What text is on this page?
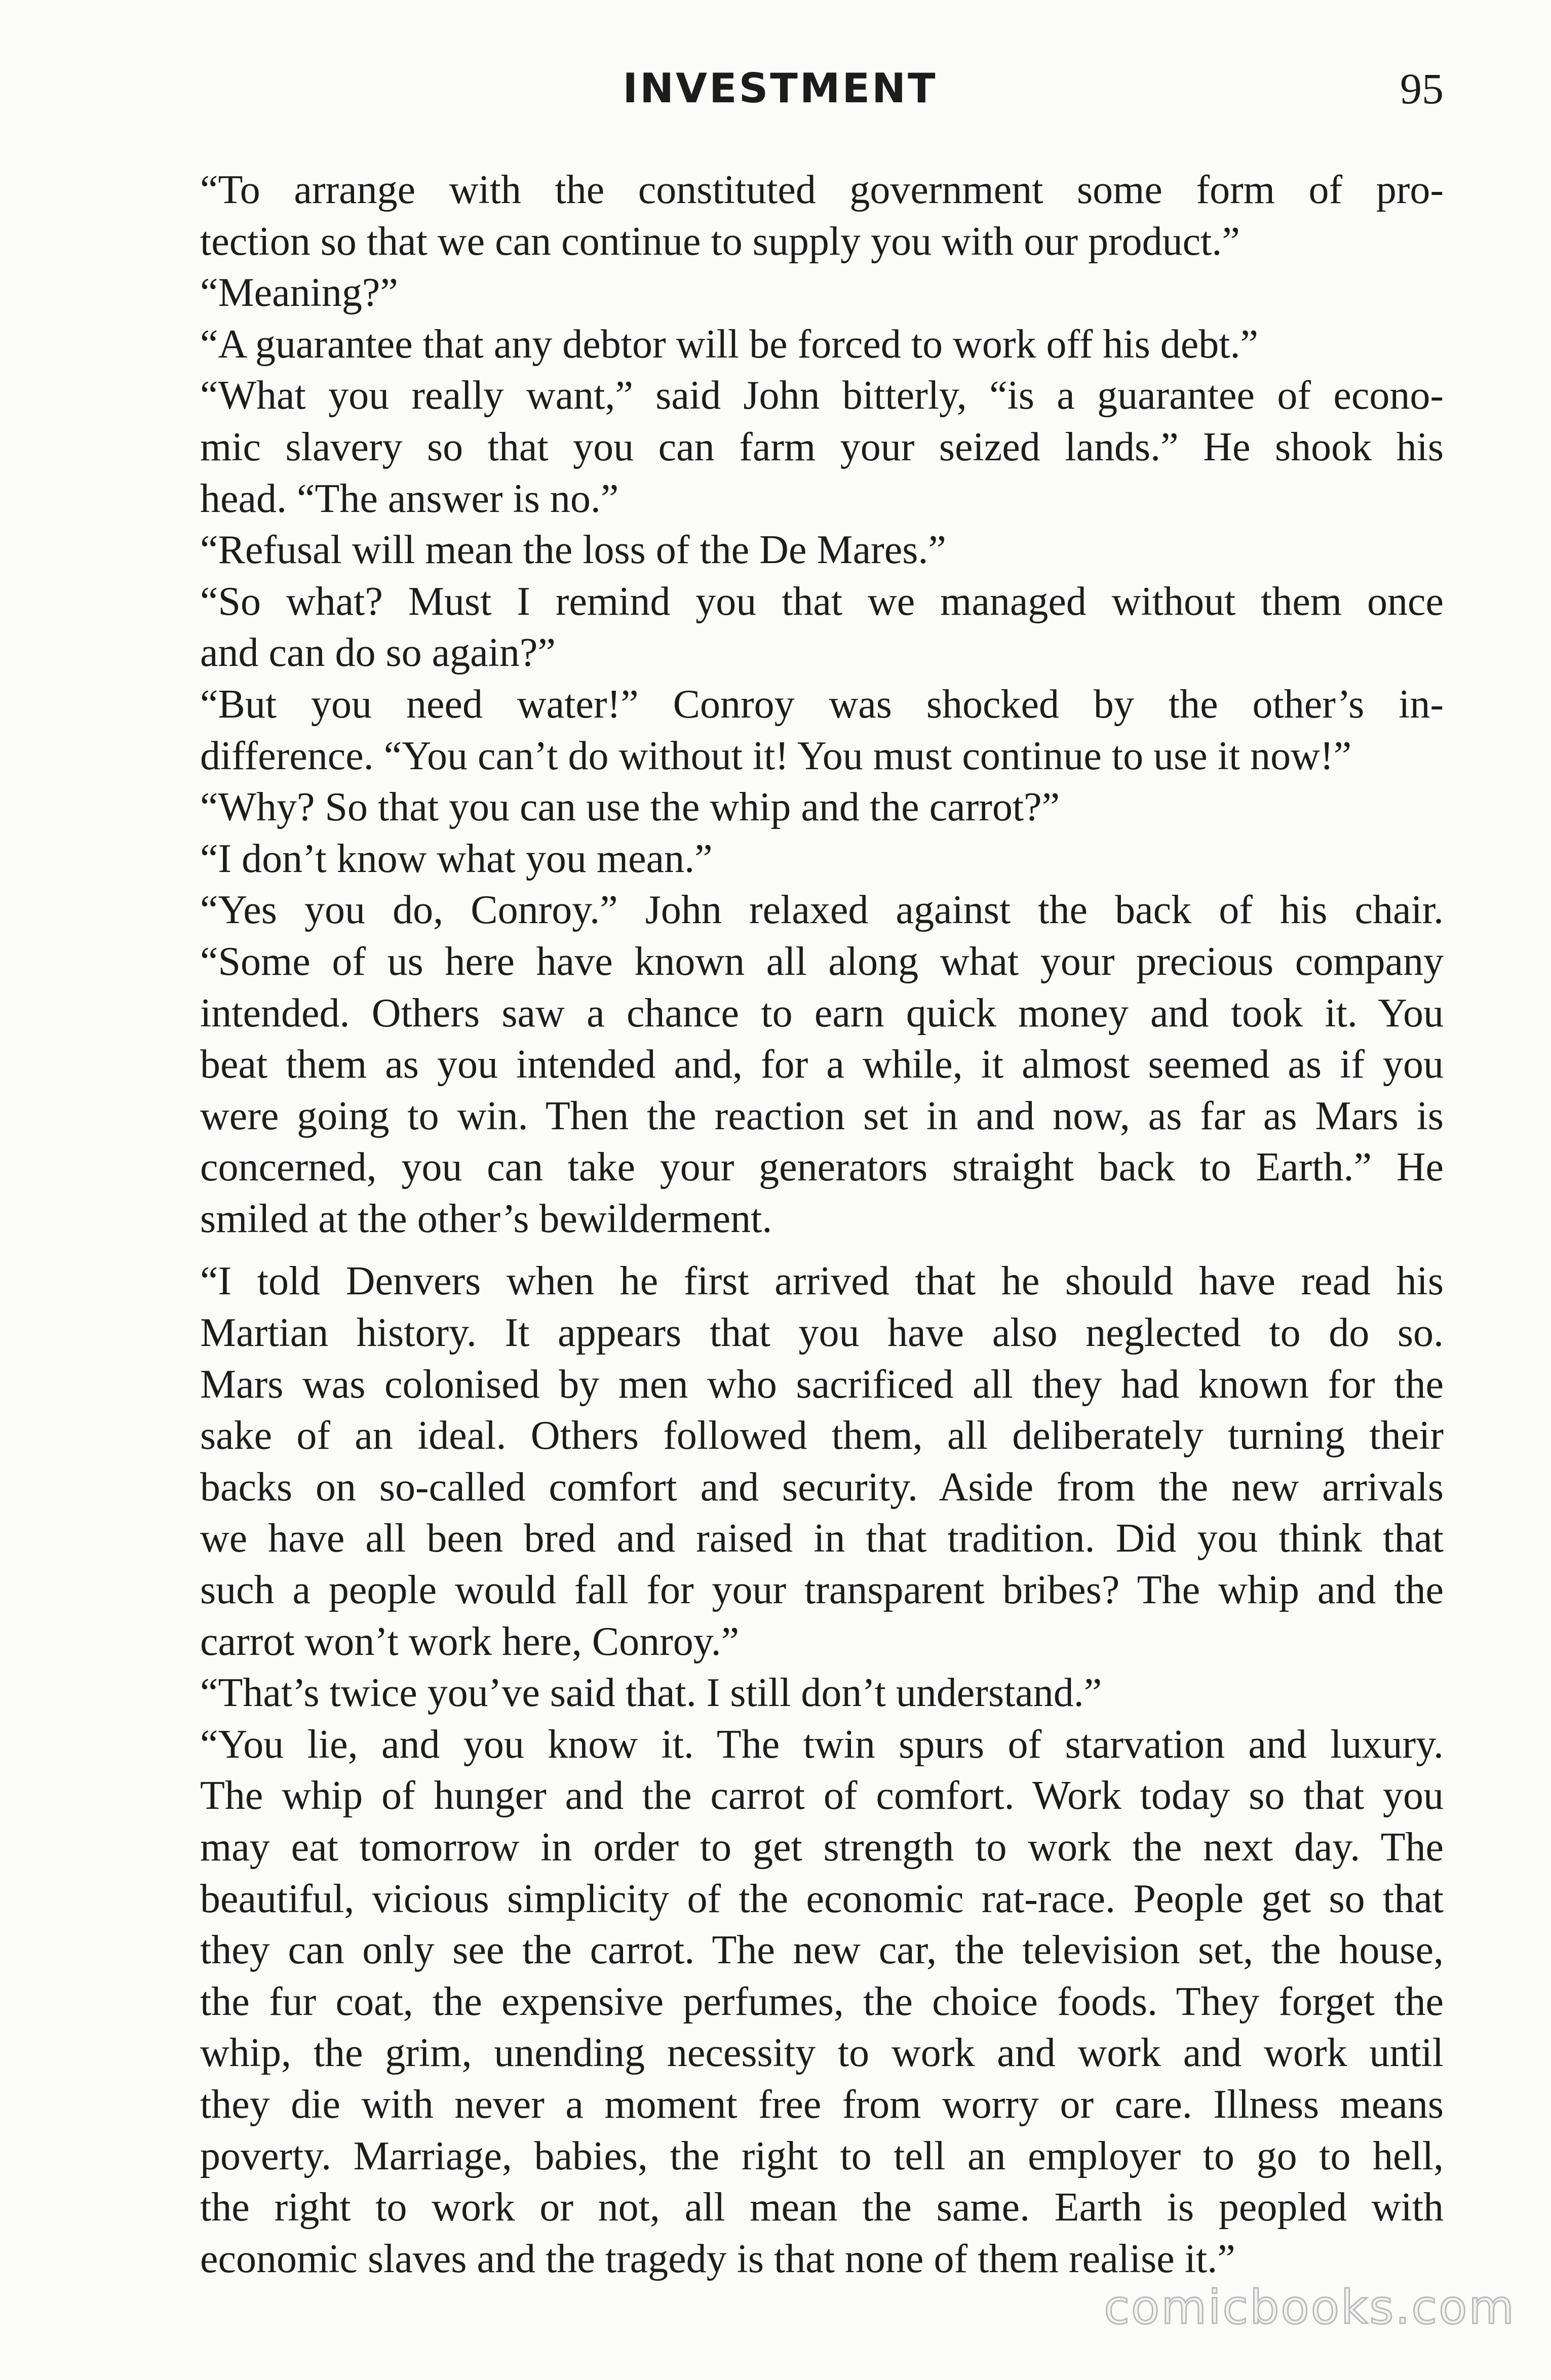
INVESTMENT	95

“To arrange with the constituted government some form of pro-
tection so that we can continue to supply you with our product.”

“Meaning?”

“A guarantee that any debtor will be forced to work off his debt.”

“What you really want,” said John bitterly, “is a guarantee of econo-
mic slavery so that you can farm your seized lands.” He shook his
head. “The answer is no.”

“Refusal will mean the loss of the De Mares.”

“So what? Must I remind you that we managed without them once
and can do so again?”

“But you need water!” Conroy was shocked by the other’s in-
difference. “You can’t do without it! You must continue to use it now!”

“Why? So that you can use the whip and the carrot?”

“I don’t know what you mean.”

“Yes you do, Conroy.” John relaxed against the back of his chair.
“Some of us here have known all along what your precious company
intended. Others saw a chance to earn quick money and took it. You
beat them as you intended and, for a while, it almost seemed as if you
were going to win. Then the reaction set in and now, as far as Mars is
concerned, you can take your generators straight back to Earth.” He
smiled at the other’s bewilderment.

“I told Denvers when he first arrived that he should have read his
Martian history. It appears that you have also neglected to do so.
Mars was colonised by men who sacrificed all they had known for the
sake of an ideal. Others followed them, all deliberately turning their
backs on so-called comfort and security. Aside from the new arrivals
we have all been bred and raised in that tradition. Did you think that
such a people would fall for your transparent bribes? The whip and the
carrot won’t work here, Conroy.”

“That’s twice you’ve said that. I still don’t understand.”

“You lie, and you know it. The twin spurs of starvation and luxury.
The whip of hunger and the carrot of comfort. Work today so that you
may eat tomorrow in order to get strength to work the next day. The
beautiful, vicious simplicity of the economic rat-race. People get so that
they can only see the carrot. The new car, the television set, the house,
the fur coat, the expensive perfumes, the choice foods. They forget the
whip, the grim, unending necessity to work and work and work until
they die with never a moment free from worry or care. Illness means
poverty. Marriage, babies, the right to tell an employer to go to hell,
the right to work or not, all mean the same. Earth is peopled with
economic slaves and the tragedy is that none of them realise it.”

comicbooks.com
